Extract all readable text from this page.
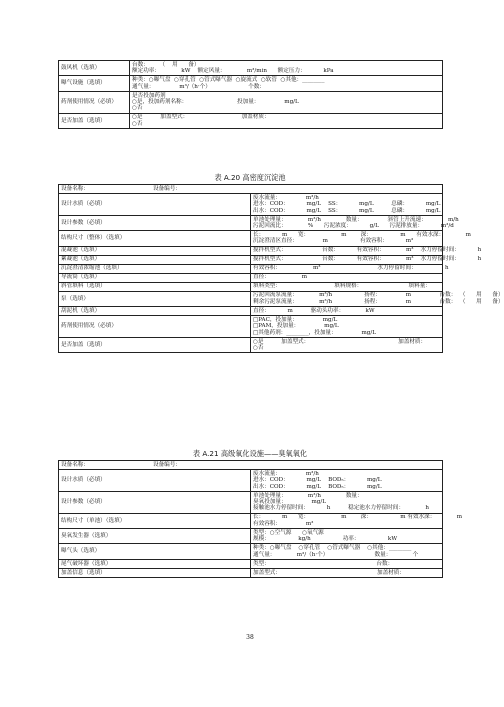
鼓风机（选填）	台数：      （    用      备）
额定功率：            kW    额定风量：            m³/min      额定压力：          kPa

曝气设施（选填）	种类：○曝气盘  ○穿孔管  ○管式曝气器  ○旋流式  ○软管  ○其他：________
通气量：              m³/（h·个）                     个数：

药剂使用情况（必填）	是否投加药剂
○是，投加药剂名称：                            投加量：              mg/L
○否

是否加盖（选填）	○是          加盖型式：                              加盖材质：
○否
表 A.20 高密度沉淀池
设备名称：                                    设备编号：	
设计水质（必填）	废水流量：              m³/h
进水：COD：          mg/L    SS：          mg/L          总磷：          mg/L
出水：COD：          mg/L    SS：          mg/L          总磷：          mg/L

设计参数（必填）	单池处理量：            m³/h              数量：              斜管上升流速：            m/h
污泥回流比：            %      污泥浓度：          g/L      污泥排放量：          m³/d

结构尺寸（整体）（选填）	长：          m      宽：                  m        深：                m      有效水深：            m
沉淀澄清区直径：              m                  有效容积：          m³

混凝池（选填）	搅拌机型式：                    台数：          有效容积：            m³    水力停留时间：          h

絮凝池（选填）	搅拌机型式：                    台数：          有效容积：            m³    水力停留时间：          h

沉淀澄清浓缩池（选填）	有效容积：                  m³                                水力停留时间：                h

导流筒（选填）	直径：                  m

斜管填料（选填）	填料类型：                              填料规格：                          填料量：

泵（选填）	污泥回流泵流量：            m³/h                  扬程：              m                台数：  （      用      备）
剩余污泥泵流量：            m³/h                  扬程：              m                台数：  （      用      备）

刮泥机（选填）	直径：          m          驱动头功率：            kW

药剂使用情况（必填）	□PAC，投加量：              mg/L
□PAM，投加量：              mg/L
□其他药剂：________，投加量：              mg/L

是否加盖（选填）	○是          加盖型式：                                                  加盖材质：
○否
表 A.21 高级氧化设施——臭氧氧化
设备名称：                                    设备编号：	
设计水质（必填）	废水流量：              m³/h
进水：COD：          mg/L    BOD₅：          mg/L
出水：COD：          mg/L    BOD₅：          mg/L

设计参数（必填）	单池处理量：            m³/h              数量：
臭氧投加量：              mg/L
接触池水力停留时间：          h          稳定池水力停留时间：            h

结构尺寸（单池）（选填）	长：          m      宽：                  m        深：                m 有效水深：            m
有效容积：              m³

臭氧发生器（选填）	类型：○空气源      ○氧气源
规模：                kg/h                  功率：                kW

曝气头（选填）	种类：○曝气盘    ○穿孔管    ○管式曝气器    ○其他：________
通气量：            m³/（h·个）                          数量：            个

尾气破坏器（选填）	类型：                                                            台数：

加盖信息（选填）	加盖型式：                                                      加盖材质：
38
